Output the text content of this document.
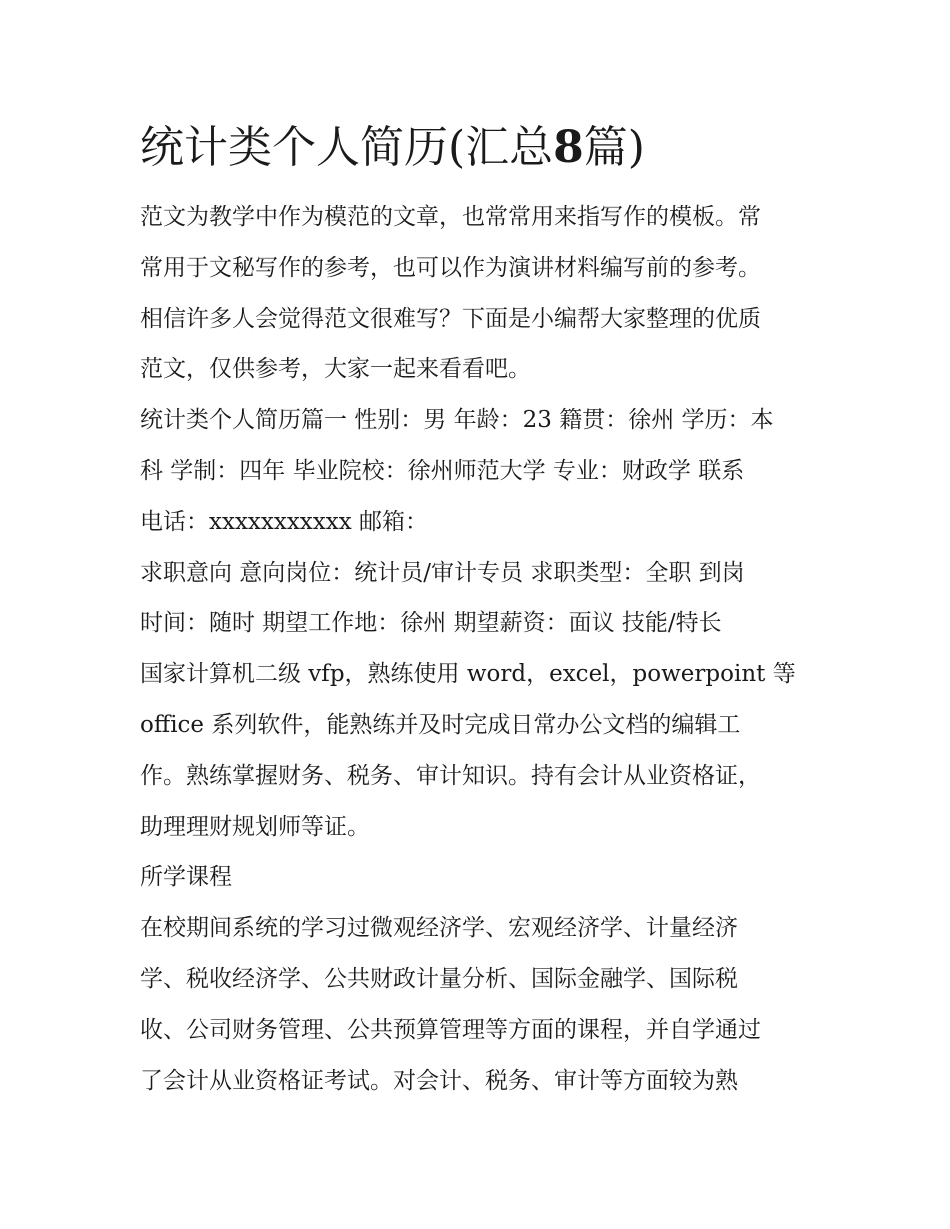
统计类个人简历(汇总8篇)

范文为教学中作为模范的文章，也常常用来指写作的模板。常

常用于文秘写作的参考，也可以作为演讲材料编写前的参考。

相信许多人会觉得范文很难写？下面是小编帮大家整理的优质

范文，仅供参考，大家一起来看看吧。

统计类个人简历篇一 性别：男 年龄：23 籍贯：徐州 学历：本

科 学制：四年 毕业院校：徐州师范大学 专业：财政学 联系

电话：xxxxxxxxxxx 邮箱：

求职意向 意向岗位：统计员/审计专员 求职类型：全职 到岗

时间：随时 期望工作地：徐州 期望薪资：面议 技能/特长

国家计算机二级 vfp，熟练使用 word，excel，powerpoint 等

office 系列软件，能熟练并及时完成日常办公文档的编辑工

作。熟练掌握财务、税务、审计知识。持有会计从业资格证，

助理理财规划师等证。

所学课程

在校期间系统的学习过微观经济学、宏观经济学、计量经济

学、税收经济学、公共财政计量分析、国际金融学、国际税

收、公司财务管理、公共预算管理等方面的课程，并自学通过

了会计从业资格证考试。对会计、税务、审计等方面较为熟
